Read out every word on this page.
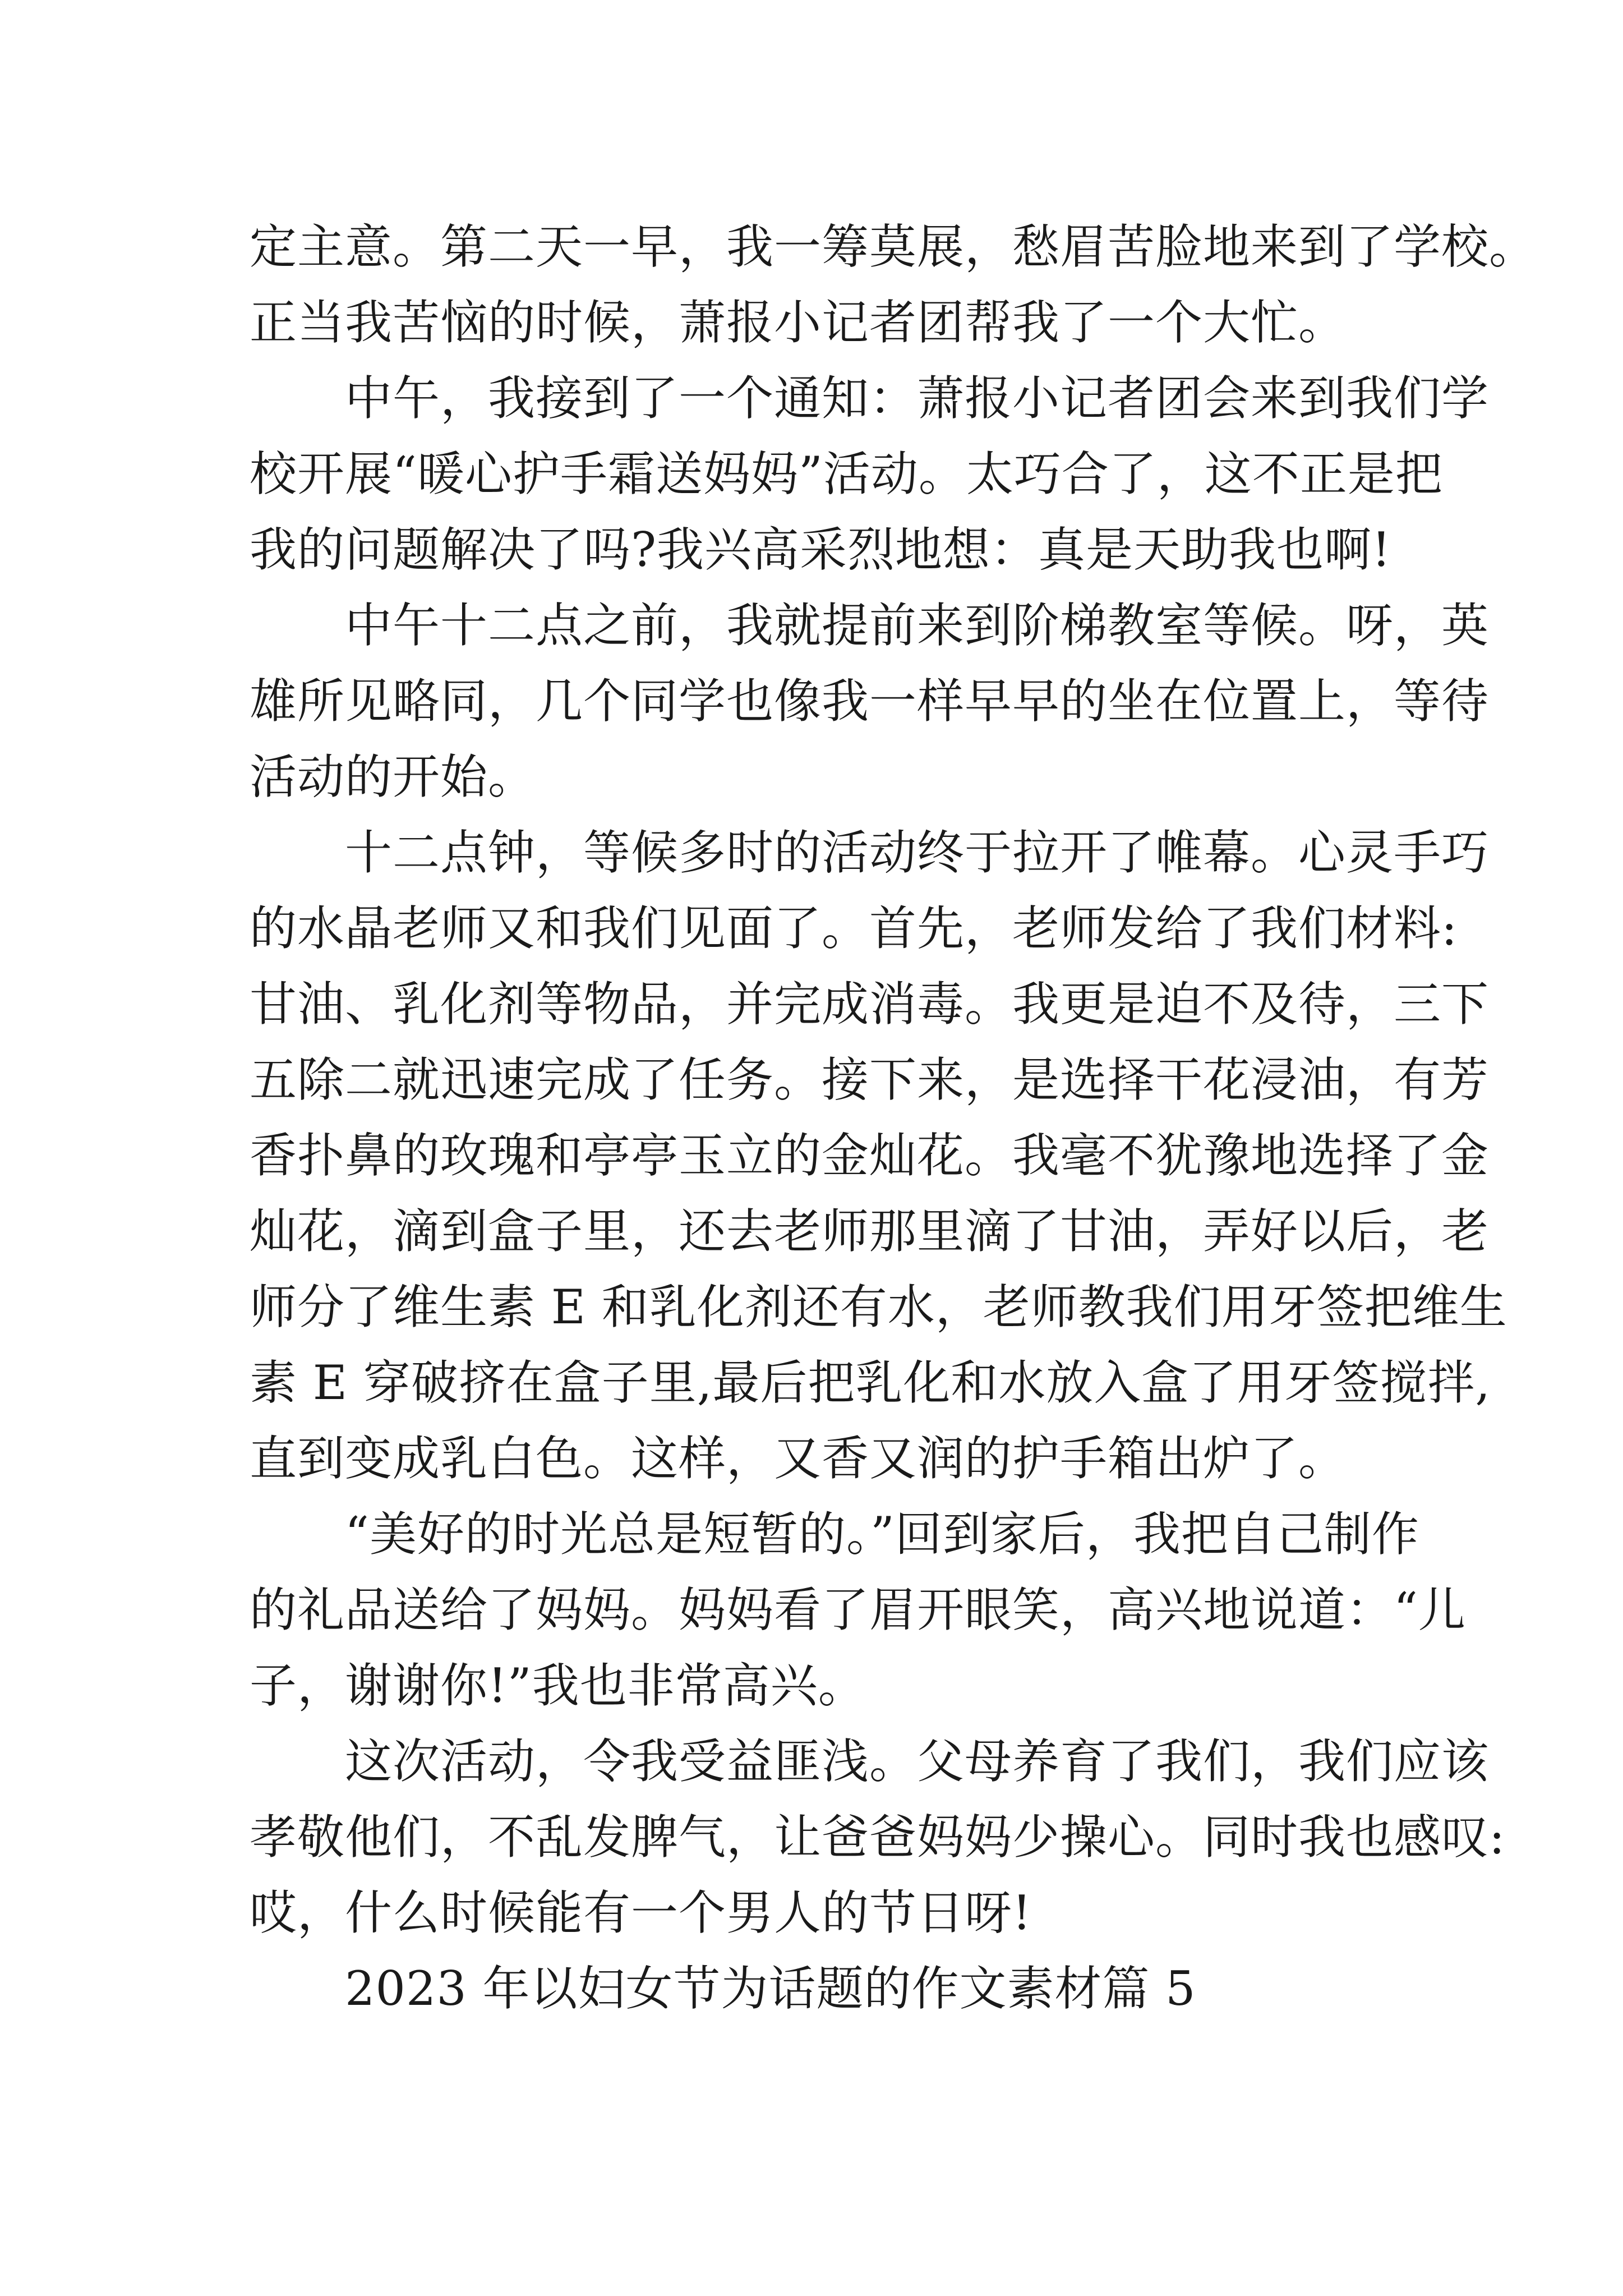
定主意。第二天一早，我一筹莫展，愁眉苦脸地来到了学校。
正当我苦恼的时候，萧报小记者团帮我了一个大忙。
　　中午，我接到了一个通知：萧报小记者团会来到我们学
校开展“暖心护手霜送妈妈”活动。太巧合了，这不正是把
我的问题解决了吗?我兴高采烈地想：真是天助我也啊!
　　中午十二点之前，我就提前来到阶梯教室等候。呀，英
雄所见略同，几个同学也像我一样早早的坐在位置上，等待
活动的开始。
　　十二点钟，等候多时的活动终于拉开了帷幕。心灵手巧
的水晶老师又和我们见面了。首先，老师发给了我们材料:
甘油、乳化剂等物品，并完成消毒。我更是迫不及待，三下
五除二就迅速完成了任务。接下来，是选择干花浸油，有芳
香扑鼻的玫瑰和亭亭玉立的金灿花。我毫不犹豫地选择了金
灿花，滴到盒子里，还去老师那里滴了甘油，弄好以后，老
师分了维生素 E 和乳化剂还有水，老师教我们用牙签把维生
素 E 穿破挤在盒子里,最后把乳化和水放入盒了用牙签搅拌,
直到变成乳白色。这样，又香又润的护手箱出炉了。
　　“美好的时光总是短暂的。”回到家后，我把自己制作
的礼品送给了妈妈。妈妈看了眉开眼笑，高兴地说道：“儿
子，谢谢你!”我也非常高兴。
　　这次活动，令我受益匪浅。父母养育了我们，我们应该
孝敬他们，不乱发脾气，让爸爸妈妈少操心。同时我也感叹:
哎，什么时候能有一个男人的节日呀!
　　2023 年以妇女节为话题的作文素材篇 5
